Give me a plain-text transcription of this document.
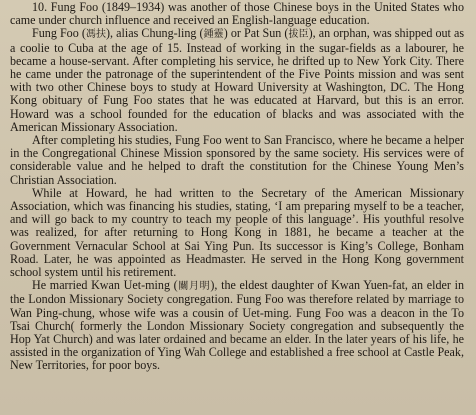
10. Fung Foo (1849–1934) was another of those Chinese boys in the United States who came under church influence and received an English-language education.

Fung Foo (馮扶), alias Chung-ling (鍾靈) or Pat Sun (拔臣), an orphan, was shipped out as a coolie to Cuba at the age of 15. Instead of working in the sugar-fields as a labourer, he became a house-servant. After completing his service, he drifted up to New York City. There he came under the patronage of the superintendent of the Five Points mission and was sent with two other Chinese boys to study at Howard University at Washington, DC. The Hong Kong obituary of Fung Foo states that he was educated at Harvard, but this is an error. Howard was a school founded for the education of blacks and was associated with the American Missionary Association.

After completing his studies, Fung Foo went to San Francisco, where he became a helper in the Congregational Chinese Mission sponsored by the same society. His services were of considerable value and he helped to draft the constitution for the Chinese Young Men’s Christian Association.

While at Howard, he had written to the Secretary of the American Missionary Association, which was financing his studies, stating, ‘I am preparing myself to be a teacher, and will go back to my country to teach my people of this language’. His youthful resolve was realized, for after returning to Hong Kong in 1881, he became a teacher at the Government Vernacular School at Sai Ying Pun. Its successor is King’s College, Bonham Road. Later, he was appointed as Headmaster. He served in the Hong Kong government school system until his retirement.

He married Kwan Uet-ming (關月明), the eldest daughter of Kwan Yuen-fat, an elder in the London Missionary Society congregation. Fung Foo was therefore related by marriage to Wan Ping-chung, whose wife was a cousin of Uet-ming. Fung Foo was a deacon in the To Tsai Church( formerly the London Missionary Society congregation and subsequently the Hop Yat Church) and was later ordained and became an elder. In the later years of his life, he assisted in the organization of Ying Wah College and established a free school at Castle Peak, New Territories, for poor boys.
